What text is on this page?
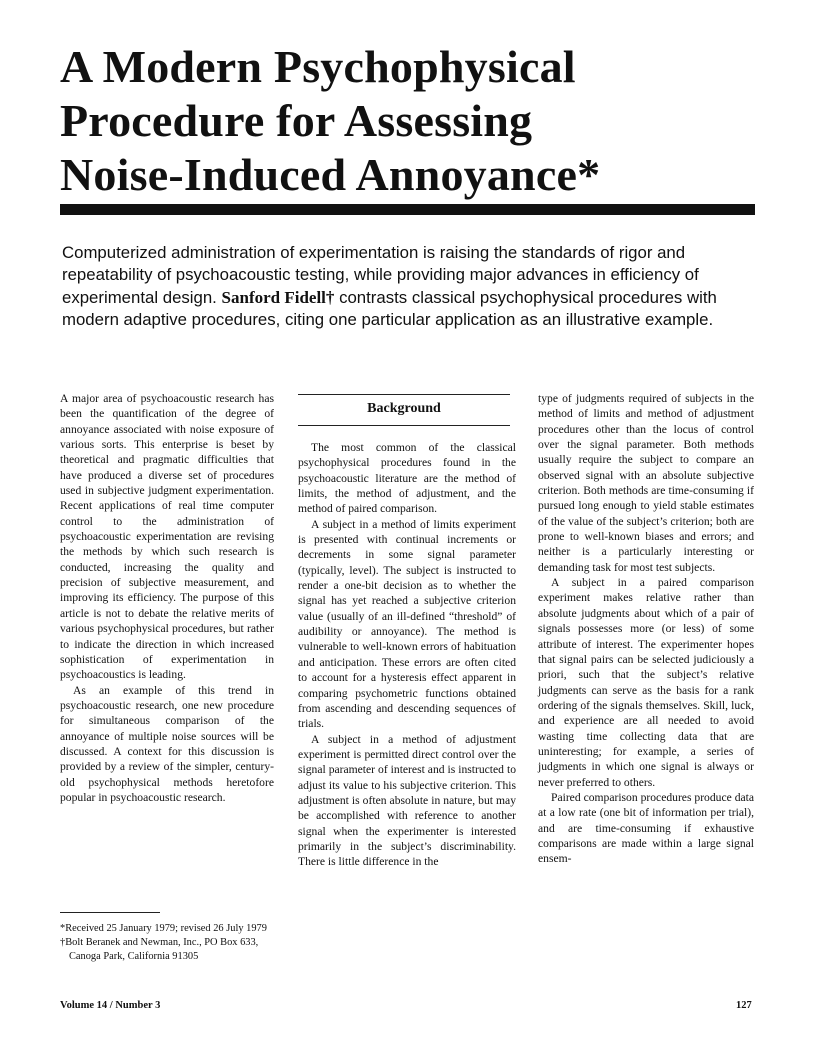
A Modern Psychophysical
Procedure for Assessing
Noise-Induced Annoyance*

Computerized administration of experimentation is raising the standards of rigor and repeatability of psychoacoustic testing, while providing major advances in efficiency of experimental design. Sanford Fidell† contrasts classical psychophysical procedures with modern adaptive procedures, citing one particular application as an illustrative example.

A major area of psychoacoustic research has been the quantification of the degree of annoyance associated with noise exposure of various sorts. This enterprise is beset by theoretical and pragmatic difficulties that have produced a diverse set of procedures used in subjective judgment experimentation. Recent applications of real time computer control to the administration of psychoacoustic experimentation are revising the methods by which such research is conducted, increasing the quality and precision of subjective measurement, and improving its efficiency. The purpose of this article is not to debate the relative merits of various psychophysical procedures, but rather to indicate the direction in which increased sophistication of experimentation in psychoacoustics is leading.

As an example of this trend in psychoacoustic research, one new procedure for simultaneous comparison of the annoyance of multiple noise sources will be discussed. A context for this discussion is provided by a review of the simpler, century-old psychophysical methods heretofore popular in psychoacoustic research.

*Received 25 January 1979; revised 26 July 1979
†Bolt Beranek and Newman, Inc., PO Box 633, Canoga Park, California 91305
Background

The most common of the classical psychophysical procedures found in the psychoacoustic literature are the method of limits, the method of adjustment, and the method of paired comparison.

A subject in a method of limits experiment is presented with continual increments or decrements in some signal parameter (typically, level). The subject is instructed to render a one-bit decision as to whether the signal has yet reached a subjective criterion value (usually of an ill-defined “threshold” of audibility or annoyance). The method is vulnerable to well-known errors of habituation and anticipation. These errors are often cited to account for a hysteresis effect apparent in comparing psychometric functions obtained from ascending and descending sequences of trials.

A subject in a method of adjustment experiment is permitted direct control over the signal parameter of interest and is instructed to adjust its value to his subjective criterion. This adjustment is often absolute in nature, but may be accomplished with reference to another signal when the experimenter is interested primarily in the subject’s discriminability. There is little difference in the

type of judgments required of subjects in the method of limits and method of adjustment procedures other than the locus of control over the signal parameter. Both methods usually require the subject to compare an observed signal with an absolute subjective criterion. Both methods are time-consuming if pursued long enough to yield stable estimates of the value of the subject’s criterion; both are prone to well-known biases and errors; and neither is a particularly interesting or demanding task for most test subjects.

A subject in a paired comparison experiment makes relative rather than absolute judgments about which of a pair of signals possesses more (or less) of some attribute of interest. The experimenter hopes that signal pairs can be selected judiciously a priori, such that the subject’s relative judgments can serve as the basis for a rank ordering of the signals themselves. Skill, luck, and experience are all needed to avoid wasting time collecting data that are uninteresting; for example, a series of judgments in which one signal is always or never preferred to others.

Paired comparison procedures produce data at a low rate (one bit of information per trial), and are time-consuming if exhaustive comparisons are made within a large signal ensem-

Volume 14 / Number 3	127
